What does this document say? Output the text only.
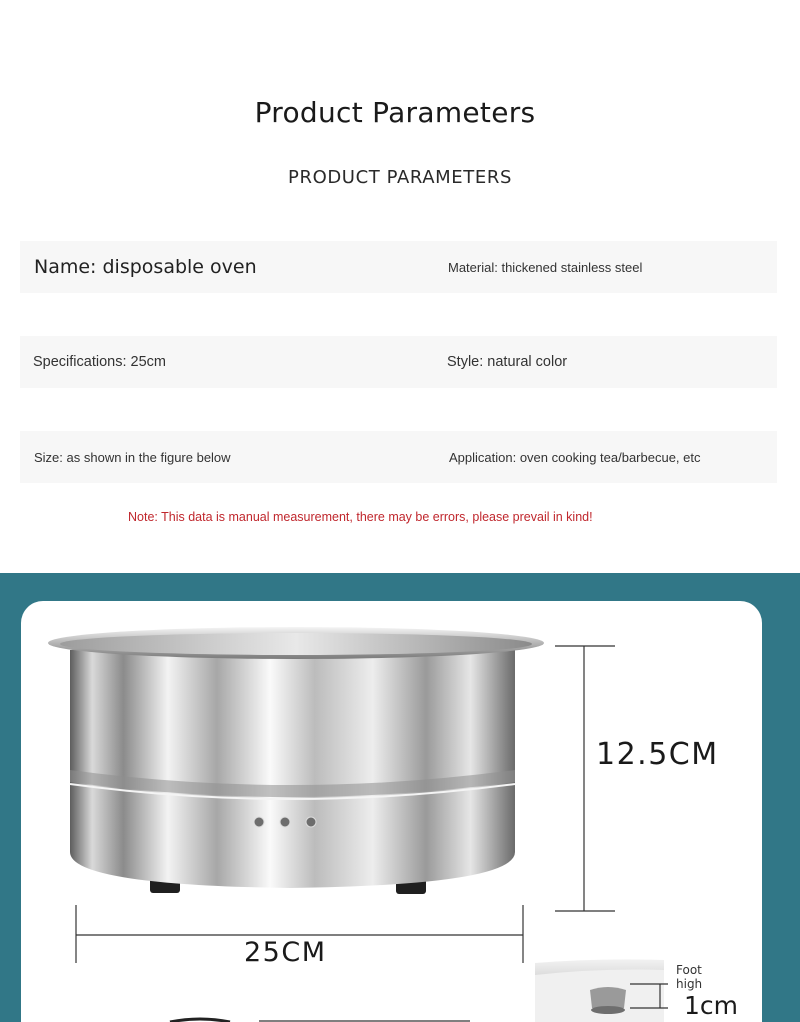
Product Parameters
PRODUCT PARAMETERS
Name: disposable oven	Material: thickened stainless steel
Specifications: 25cm	Style: natural color
Size: as shown in the figure below	Application: oven cooking tea/barbecue, etc
Note: This data is manual measurement, there may be errors, please prevail in kind!
12.5CM
25CM
Foot high
1cm
